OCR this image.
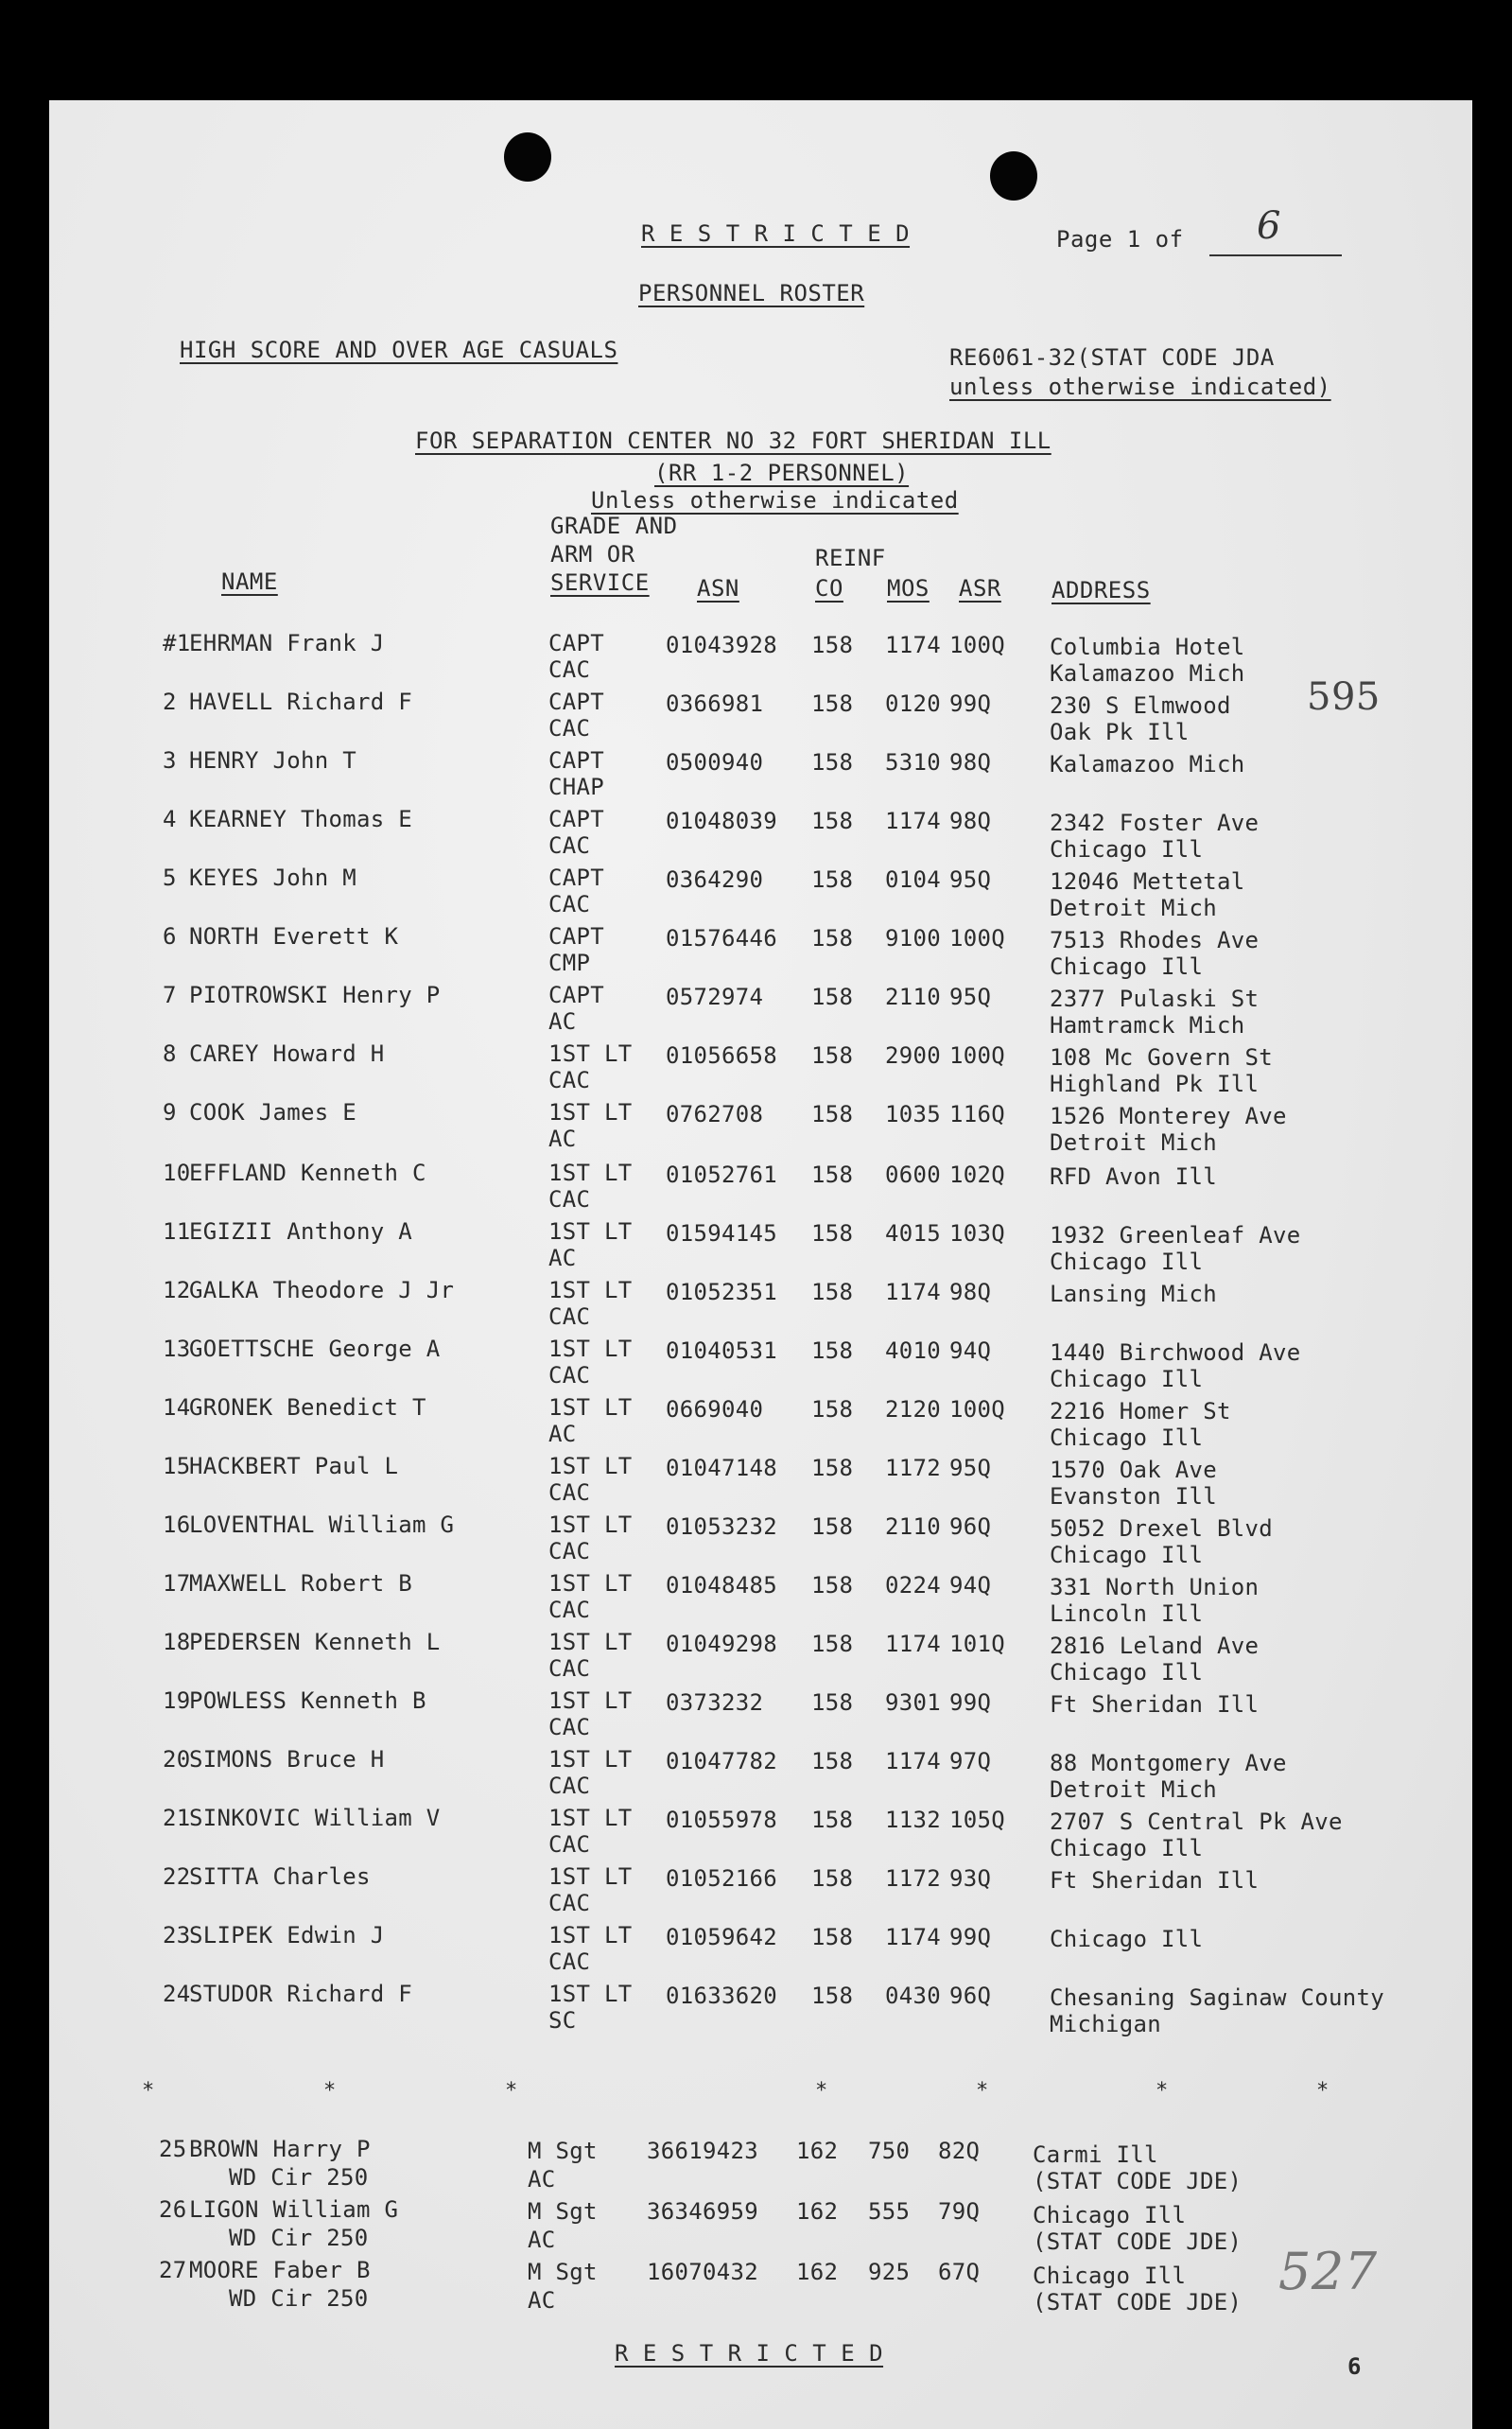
R E S T R I C T E D	Page 1 of 6
PERSONNEL ROSTER
HIGH SCORE AND OVER AGE CASUALS	RE6061-32(STAT CODE JDA
unless otherwise indicated)
FOR SEPARATION CENTER NO 32 FORT SHERIDAN ILL
(RR 1-2 PERSONNEL)
Unless otherwise indicated
NAME
GRADE AND
ARM OR
SERVICE ASN
REINF
CO MOS ASR ADDRESS
595
#1
EHRMAN Frank J	CAPT
CAC
01043928 158 1174 100Q Columbia Hotel
Kalamazoo Mich
2 HAVELL Richard F	CAPT
CAC
0366981 158 0120 99Q	230 S Elmwood
Oak Pk Ill
3 HENRY John T	CAPT
CHAP
0500940 158 5310 98Q	Kalamazoo Mich
4 KEARNEY Thomas E	CAPT
CAC
01048039 158 1174 98Q	2342 Foster Ave
Chicago Ill
5 KEYES John M	CAPT
CAC
0364290 158 0104 95Q	12046 Mettetal
Detroit Mich
6 NORTH Everett K	CAPT
CMP
01576446 158 9100 100Q 7513 Rhodes Ave
Chicago Ill
7 PIOTROWSKI Henry P	CAPT
AC
0572974 158 2110 95Q	2377 Pulaski St
Hamtramck Mich
8 CAREY Howard H	1ST LT
CAC
01056658 158 2900 100Q 108 Mc Govern St
Highland Pk Ill
9 COOK James E	1ST LT
AC
0762708 158 1035 116Q 1526 Monterey Ave
Detroit Mich
10
EFFLAND Kenneth C	1ST LT
CAC
01052761 158 0600 102Q RFD Avon Ill
11
EGIZII Anthony A	1ST LT
AC
01594145 158 4015 103Q 1932 Greenleaf Ave
Chicago Ill
12
GALKA Theodore J Jr	1ST LT
CAC
01052351 158 1174 98Q	Lansing Mich
13
GOETTSCHE George A	1ST LT
CAC
01040531 158 4010 94Q	1440 Birchwood Ave
Chicago Ill
14
GRONEK Benedict T	1ST LT
AC
0669040 158 2120 100Q 2216 Homer St
Chicago Ill
15
HACKBERT Paul L	1ST LT
CAC
01047148 158 1172 95Q	1570 Oak Ave
Evanston Ill
16
LOVENTHAL William G	1ST LT
CAC
01053232 158 2110 96Q	5052 Drexel Blvd
Chicago Ill
17
MAXWELL Robert B	1ST LT
CAC
01048485 158 0224 94Q	331 North Union
Lincoln Ill
18
PEDERSEN Kenneth L	1ST LT
CAC
01049298 158 1174 101Q 2816 Leland Ave
Chicago Ill
19
POWLESS Kenneth B	1ST LT
CAC
0373232 158 9301 99Q	Ft Sheridan Ill
20
SIMONS Bruce H	1ST LT
CAC
01047782 158 1174 97Q	88 Montgomery Ave
Detroit Mich
21
SINKOVIC William V	1ST LT
CAC
01055978 158 1132 105Q 2707 S Central Pk Ave
Chicago Ill
22
SITTA Charles	1ST LT
CAC
01052166 158 1172 93Q	Ft Sheridan Ill
23
SLIPEK Edwin J	1ST LT
CAC
01059642 158 1174 99Q	Chicago Ill
24
STUDOR Richard F	1ST LT
SC
01633620 158 0430 96Q	Chesaning Saginaw County
Michigan
*	*	*	*	*	*	*
25 BROWN Harry P
WD Cir 250
M Sgt
AC
36619423 162 750 82Q Carmi Ill
(STAT CODE JDE)
26 LIGON William G
WD Cir 250
M Sgt
AC
36346959 162 555 79Q Chicago Ill
(STAT CODE JDE)
27 MOORE Faber B
WD Cir 250
M Sgt
AC
16070432 162 925 67Q Chicago Ill
(STAT CODE JDE)
527
R E S T R I C T E D	6
